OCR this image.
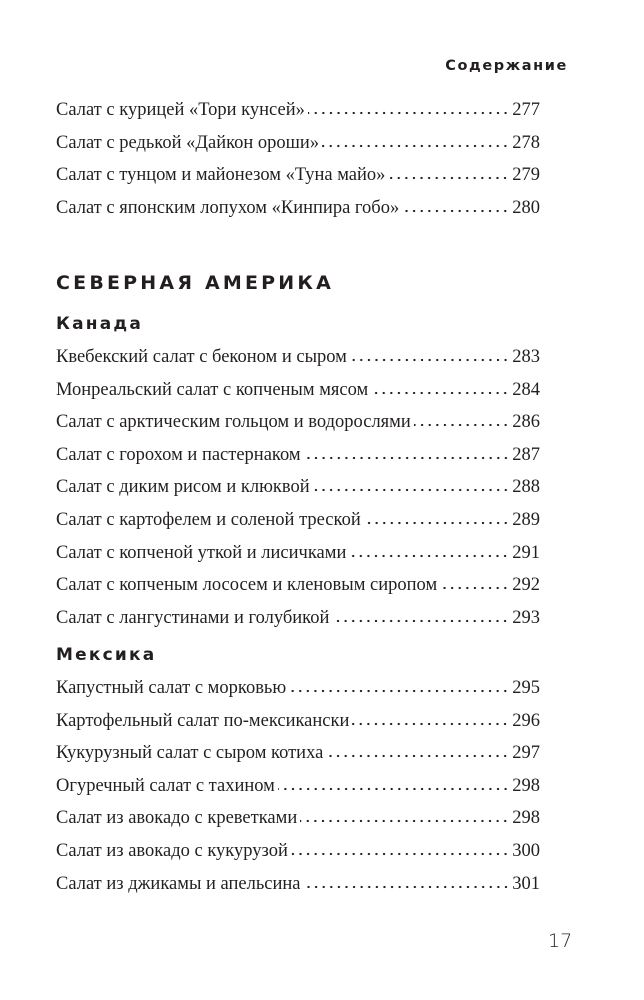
Содержание
Салат с курицей «Тори кунсей»	277
Салат с редькой «Дайкон ороши»	278
Салат с тунцом и майонезом «Туна майо»	279
Салат с японским лопухом «Кинпира гобо»	280
СЕВЕРНАЯ АМЕРИКА
Канада
Квебекский салат с беконом и сыром	283
Монреальский салат с копченым мясом	284
Салат с арктическим гольцом и водорослями	286
Салат с горохом и пастернаком	287
Салат с диким рисом и клюквой	288
Салат с картофелем и соленой треской	289
Салат с копченой уткой и лисичками	291
Салат с копченым лососем и кленовым сиропом	292
Салат с лангустинами и голубикой	293
Мексика
Капустный салат с морковью	295
Картофельный салат по-мексикански	296
Кукурузный салат с сыром котиха	297
Огуречный салат с тахином	298
Салат из авокадо с креветками	298
Салат из авокадо с кукурузой	300
Салат из джикамы и апельсина	301
17
